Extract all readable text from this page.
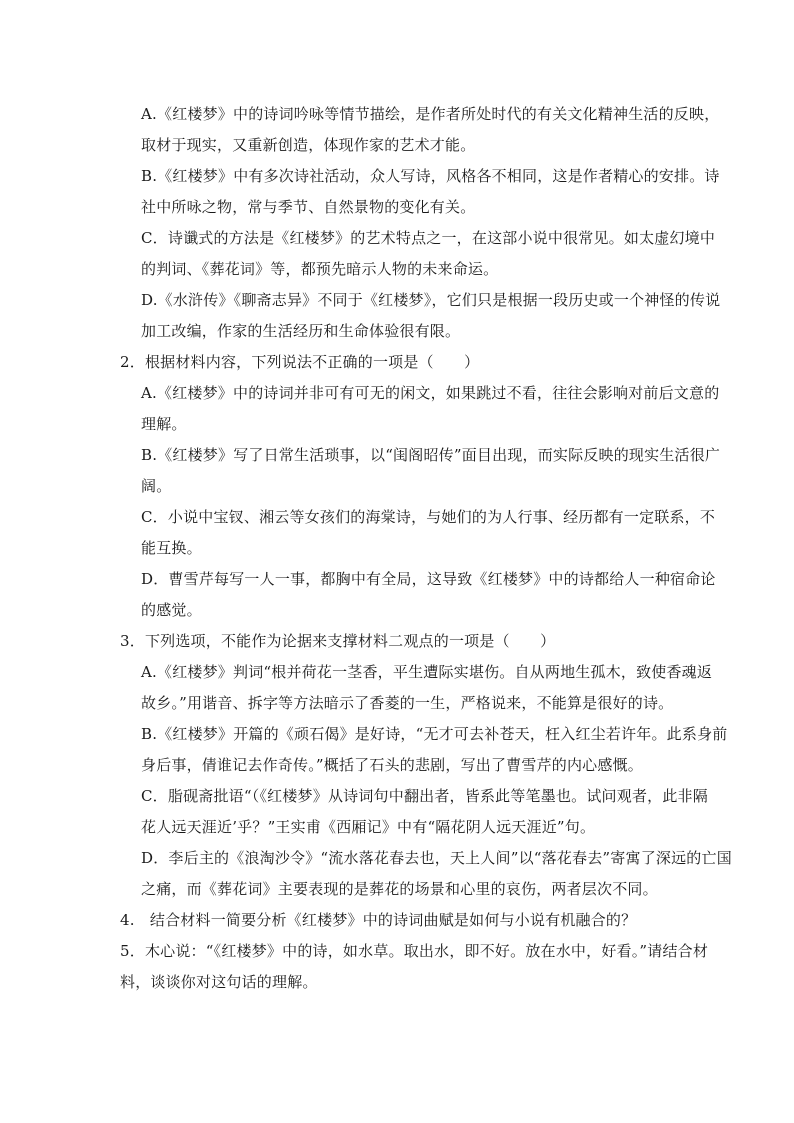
A.《红楼梦》中的诗词吟咏等情节描绘，是作者所处时代的有关文化精神生活的反映，
取材于现实，又重新创造，体现作家的艺术才能。
B.《红楼梦》中有多次诗社活动，众人写诗，风格各不相同，这是作者精心的安排。诗
社中所咏之物，常与季节、自然景物的变化有关。
C．诗谶式的方法是《红楼梦》的艺术特点之一，在这部小说中很常见。如太虚幻境中
的判词、《葬花词》等，都预先暗示人物的未来命运。
D.《水浒传》《聊斋志异》不同于《红楼梦》，它们只是根据一段历史或一个神怪的传说
加工改编，作家的生活经历和生命体验很有限。
2．根据材料内容，下列说法不正确的一项是（　　）
A.《红楼梦》中的诗词并非可有可无的闲文，如果跳过不看，往往会影响对前后文意的
理解。
B.《红楼梦》写了日常生活琐事，以“闺阁昭传”面目出现，而实际反映的现实生活很广
阔。
C．小说中宝钗、湘云等女孩们的海棠诗，与她们的为人行事、经历都有一定联系，不
能互换。
D．曹雪芹每写一人一事，都胸中有全局，这导致《红楼梦》中的诗都给人一种宿命论
的感觉。
3．下列选项，不能作为论据来支撑材料二观点的一项是（　　）
A.《红楼梦》判词“根并荷花一茎香，平生遭际实堪伤。自从两地生孤木，致使香魂返
故乡。”用谐音、拆字等方法暗示了香菱的一生，严格说来，不能算是很好的诗。
B.《红楼梦》开篇的《顽石偈》是好诗，“无才可去补苍天，枉入红尘若许年。此系身前
身后事，倩谁记去作奇传。”概括了石头的悲剧，写出了曹雪芹的内心感慨。
C．脂砚斋批语“（《红楼梦》从诗词句中翻出者，皆系此等笔墨也。试问观者，此非隔
花人远天涯近’乎？”王实甫《西厢记》中有“隔花阴人远天涯近”句。
D．李后主的《浪淘沙令》“流水落花春去也，天上人间”以“落花春去”寄寓了深远的亡国
之痛，而《葬花词》主要表现的是葬花的场景和心里的哀伤，两者层次不同。
4.　结合材料一简要分析《红楼梦》中的诗词曲赋是如何与小说有机融合的？
5．木心说：“《红楼梦》中的诗，如水草。取出水，即不好。放在水中，好看。”请结合材
料，谈谈你对这句话的理解。
